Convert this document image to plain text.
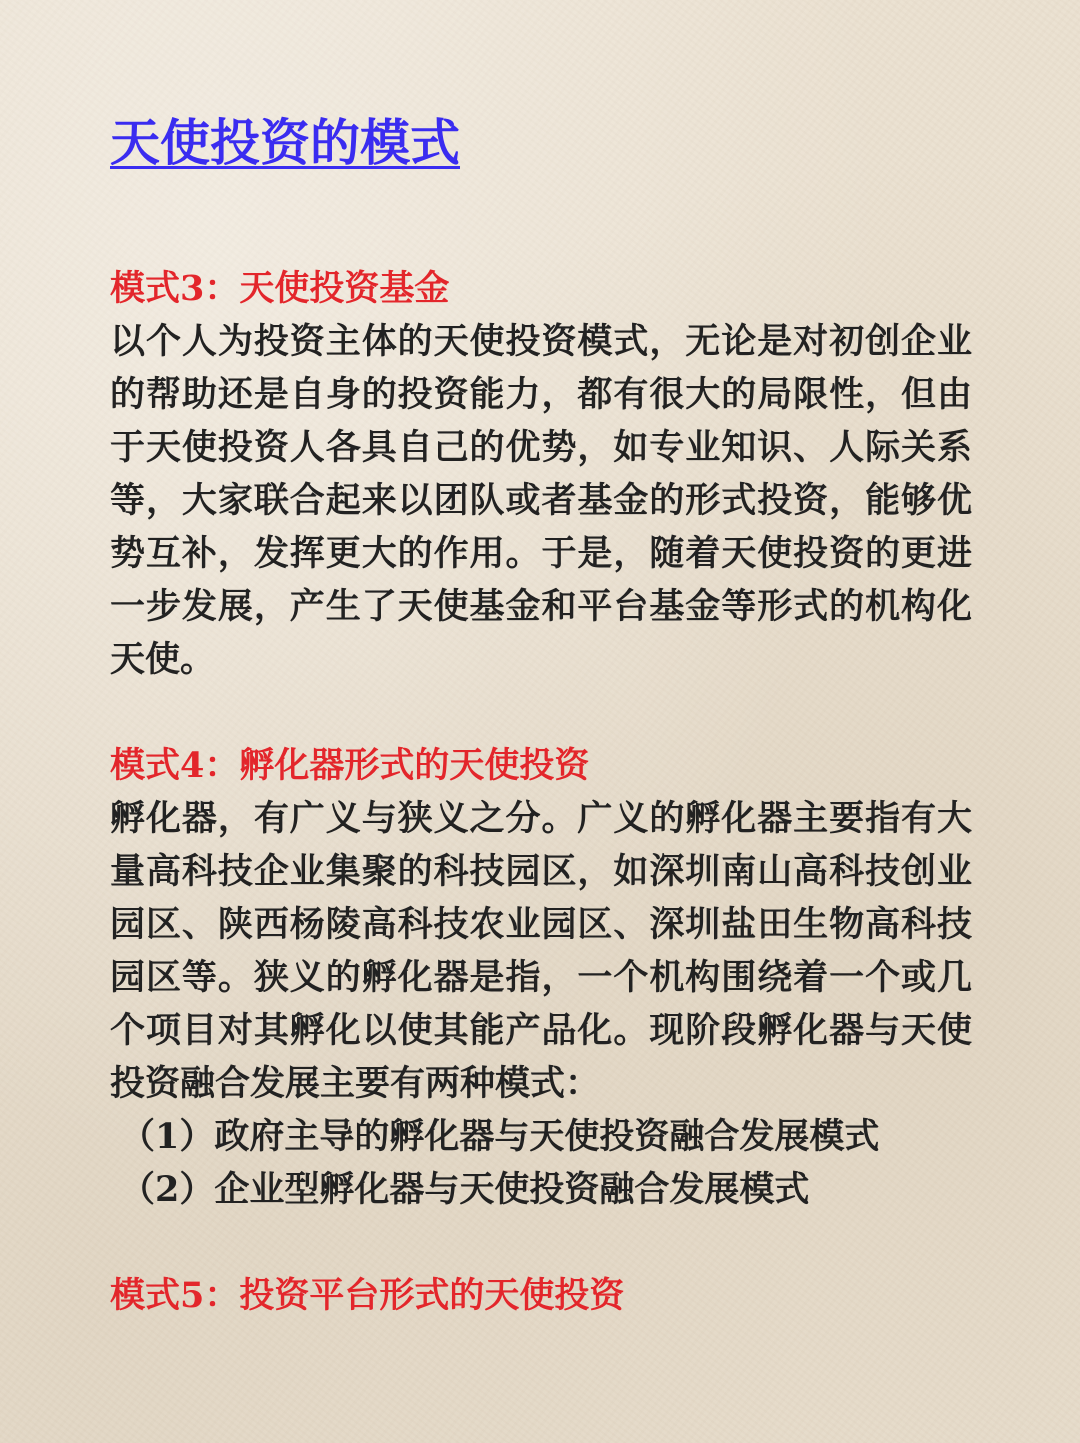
天使投资的模式

模式3：天使投资基金

以个人为投资主体的天使投资模式，无论是对初创企业的帮助还是自身的投资能力，都有很大的局限性，但由于天使投资人各具自己的优势，如专业知识、人际关系等，大家联合起来以团队或者基金的形式投资，能够优势互补，发挥更大的作用。于是，随着天使投资的更进一步发展，产生了天使基金和平台基金等形式的机构化天使。

模式4：孵化器形式的天使投资

孵化器，有广义与狭义之分。广义的孵化器主要指有大量高科技企业集聚的科技园区，如深圳南山高科技创业园区、陕西杨陵高科技农业园区、深圳盐田生物高科技园区等。狭义的孵化器是指，一个机构围绕着一个或几个项目对其孵化以使其能产品化。现阶段孵化器与天使投资融合发展主要有两种模式：

（1）政府主导的孵化器与天使投资融合发展模式

（2）企业型孵化器与天使投资融合发展模式

模式5：投资平台形式的天使投资
